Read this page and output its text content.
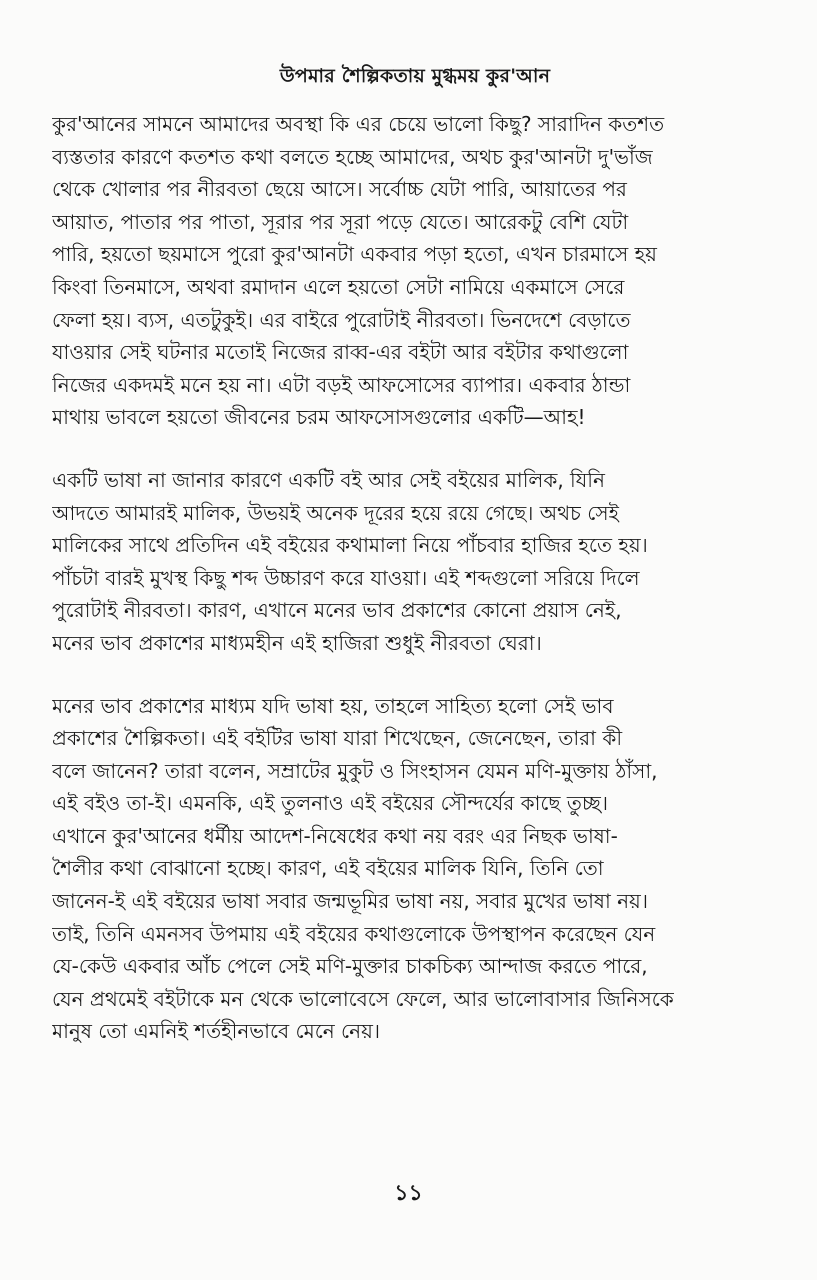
উপমার শৈল্পিকতায় মুগ্ধময় কুর'আন

কুর'আনের সামনে আমাদের অবস্থা কি এর চেয়ে ভালো কিছু? সারাদিন কতশত
ব্যস্ততার কারণে কতশত কথা বলতে হচ্ছে আমাদের, অথচ কুর'আনটা দু'ভাঁজ
থেকে খোলার পর নীরবতা ছেয়ে আসে। সর্বোচ্চ যেটা পারি, আয়াতের পর
আয়াত, পাতার পর পাতা, সূরার পর সূরা পড়ে যেতে। আরেকটু বেশি যেটা
পারি, হয়তো ছয়মাসে পুরো কুর'আনটা একবার পড়া হতো, এখন চারমাসে হয়
কিংবা তিনমাসে, অথবা রমাদান এলে হয়তো সেটা নামিয়ে একমাসে সেরে
ফেলা হয়। ব্যস, এতটুকুই। এর বাইরে পুরোটাই নীরবতা। ভিনদেশে বেড়াতে
যাওয়ার সেই ঘটনার মতোই নিজের রাব্ব-এর বইটা আর বইটার কথাগুলো
নিজের একদমই মনে হয় না। এটা বড়ই আফসোসের ব্যাপার। একবার ঠান্ডা
মাথায় ভাবলে হয়তো জীবনের চরম আফসোসগুলোর একটি—আহ!

একটি ভাষা না জানার কারণে একটি বই আর সেই বইয়ের মালিক, যিনি
আদতে আমারই মালিক, উভয়ই অনেক দূরের হয়ে রয়ে গেছে। অথচ সেই
মালিকের সাথে প্রতিদিন এই বইয়ের কথামালা নিয়ে পাঁচবার হাজির হতে হয়।
পাঁচটা বারই মুখস্থ কিছু শব্দ উচ্চারণ করে যাওয়া। এই শব্দগুলো সরিয়ে দিলে
পুরোটাই নীরবতা। কারণ, এখানে মনের ভাব প্রকাশের কোনো প্রয়াস নেই,
মনের ভাব প্রকাশের মাধ্যমহীন এই হাজিরা শুধুই নীরবতা ঘেরা।

মনের ভাব প্রকাশের মাধ্যম যদি ভাষা হয়, তাহলে সাহিত্য হলো সেই ভাব
প্রকাশের শৈল্পিকতা। এই বইটির ভাষা যারা শিখেছেন, জেনেছেন, তারা কী
বলে জানেন? তারা বলেন, সম্রাটের মুকুট ও সিংহাসন যেমন মণি-মুক্তায় ঠাঁসা,
এই বইও তা-ই। এমনকি, এই তুলনাও এই বইয়ের সৌন্দর্যের কাছে তুচ্ছ।
এখানে কুর'আনের ধর্মীয় আদেশ-নিষেধের কথা নয় বরং এর নিছক ভাষা-
শৈলীর কথা বোঝানো হচ্ছে। কারণ, এই বইয়ের মালিক যিনি, তিনি তো
জানেন-ই এই বইয়ের ভাষা সবার জন্মভূমির ভাষা নয়, সবার মুখের ভাষা নয়।
তাই, তিনি এমনসব উপমায় এই বইয়ের কথাগুলোকে উপস্থাপন করেছেন যেন
যে-কেউ একবার আঁচ পেলে সেই মণি-মুক্তার চাকচিক্য আন্দাজ করতে পারে,
যেন প্রথমেই বইটাকে মন থেকে ভালোবেসে ফেলে, আর ভালোবাসার জিনিসকে
মানুষ তো এমনিই শর্তহীনভাবে মেনে নেয়।

১১
